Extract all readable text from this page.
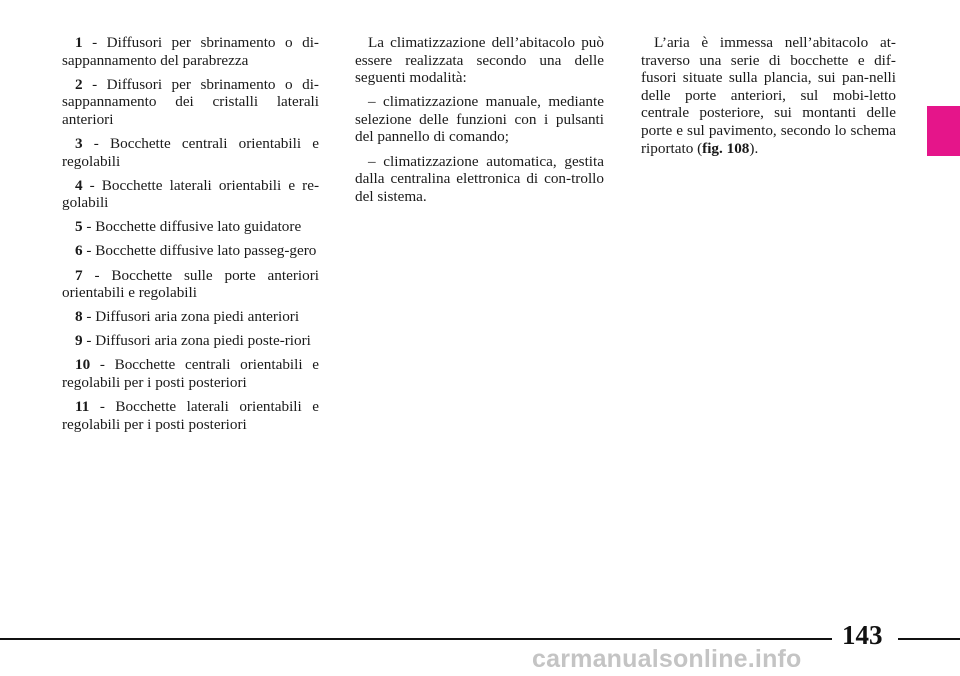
1 - Diffusori per sbrinamento o di-sappannamento del parabrezza

2 - Diffusori per sbrinamento o di-sappannamento dei cristalli laterali anteriori

3 - Bocchette centrali orientabili e regolabili

4 - Bocchette laterali orientabili e re-golabili

5 - Bocchette diffusive lato guidatore

6 - Bocchette diffusive lato passeg-gero

7 - Bocchette sulle porte anteriori orientabili e regolabili

8 - Diffusori aria zona piedi anteriori

9 - Diffusori aria zona piedi poste-riori

10 - Bocchette centrali orientabili e regolabili per i posti posteriori

11 - Bocchette laterali orientabili e regolabili per i posti posteriori

La climatizzazione dell’abitacolo può essere realizzata secondo una delle seguenti modalità:

– climatizzazione manuale, mediante selezione delle funzioni con i pulsanti del pannello di comando;

– climatizzazione automatica, gestita dalla centralina elettronica di con-trollo del sistema.

L’aria è immessa nell’abitacolo at-traverso una serie di bocchette e dif-fusori situate sulla plancia, sui pan-nelli delle porte anteriori, sul mobi-letto centrale posteriore, sui montanti delle porte e sul pavimento, secondo lo schema riportato (fig. 108).

143
carmanualsonline.info
